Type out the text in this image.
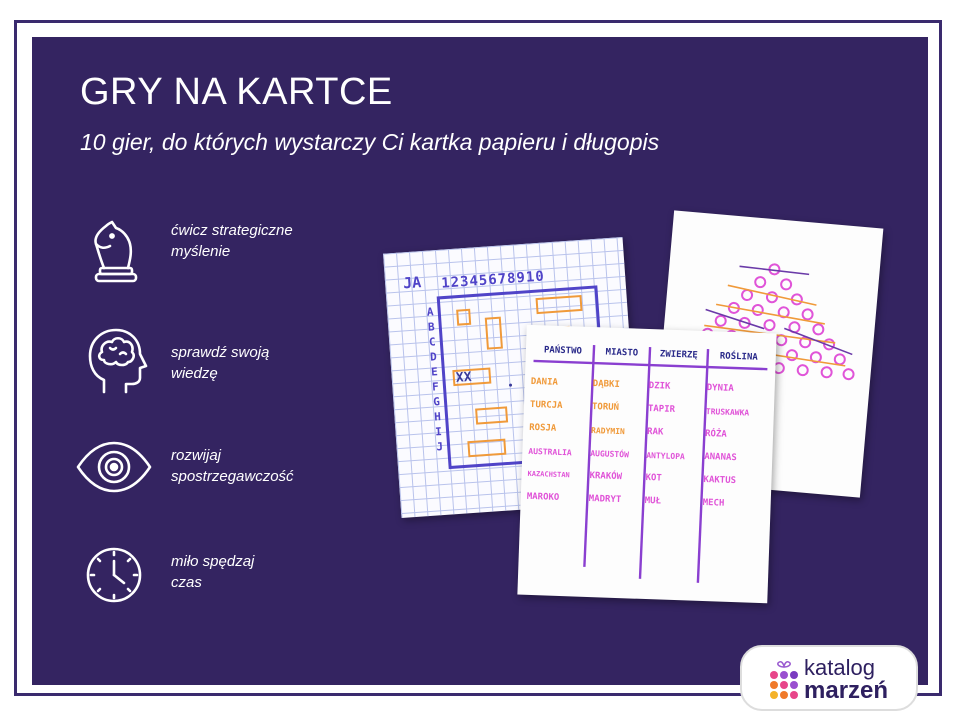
GRY NA KARTCE

10 gier, do których wystarczy Ci kartka papieru i długopis

ćwicz strategiczne
myślenie
sprawdź swoją
wiedzę
rozwijaj
spostrzegawczość
miło spędzaj
czas
JA 12345678910
A
B
C
D
E
F
G
H
I
J
XX
PAŃSTWO	MIASTO	ZWIERZĘ	ROŚLINA
DANIA	DĄBKI	DZIK	DYNIA
TURCJA	TORUŃ	TAPIR	TRUSKAWKA
ROSJA	RADYMIN	RAK	RÓŻA
AUSTRALIA	AUGUSTÓW	ANTYLOPA	ANANAS
KAZACHSTAN	KRAKÓW	KOT	KAKTUS
MAROKO	MADRYT	MUŁ	MECH
katalog
marzeń
